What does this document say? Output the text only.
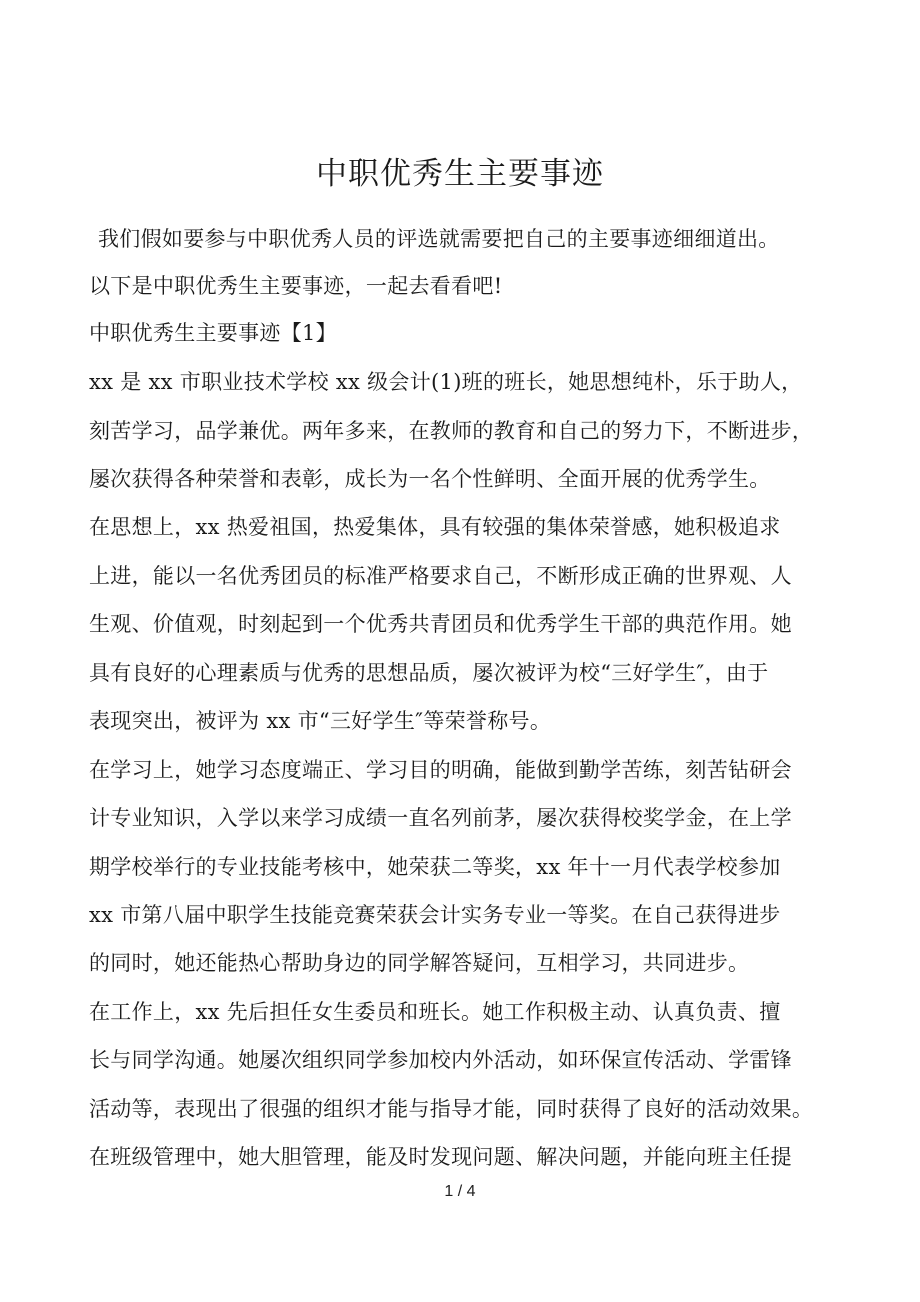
中职优秀生主要事迹
我们假如要参与中职优秀人员的评选就需要把自己的主要事迹细细道出。
以下是中职优秀生主要事迹，一起去看看吧!
中职优秀生主要事迹【1】
xx 是 xx 市职业技术学校 xx 级会计(1)班的班长，她思想纯朴，乐于助人，
刻苦学习，品学兼优。两年多来，在教师的教育和自己的努力下，不断进步，
屡次获得各种荣誉和表彰，成长为一名个性鲜明、全面开展的优秀学生。
在思想上，xx 热爱祖国，热爱集体，具有较强的集体荣誉感，她积极追求
上进，能以一名优秀团员的标准严格要求自己，不断形成正确的世界观、人
生观、价值观，时刻起到一个优秀共青团员和优秀学生干部的典范作用。她
具有良好的心理素质与优秀的思想品质，屡次被评为校“三好学生″，由于
表现突出，被评为 xx 市“三好学生″等荣誉称号。
在学习上，她学习态度端正、学习目的明确，能做到勤学苦练，刻苦钻研会
计专业知识，入学以来学习成绩一直名列前茅，屡次获得校奖学金，在上学
期学校举行的专业技能考核中，她荣获二等奖，xx 年十一月代表学校参加
xx 市第八届中职学生技能竞赛荣获会计实务专业一等奖。在自己获得进步
的同时，她还能热心帮助身边的同学解答疑问，互相学习，共同进步。
在工作上，xx 先后担任女生委员和班长。她工作积极主动、认真负责、擅
长与同学沟通。她屡次组织同学参加校内外活动，如环保宣传活动、学雷锋
活动等，表现出了很强的组织才能与指导才能，同时获得了良好的活动效果。
在班级管理中，她大胆管理，能及时发现问题、解决问题，并能向班主任提
1 / 4
